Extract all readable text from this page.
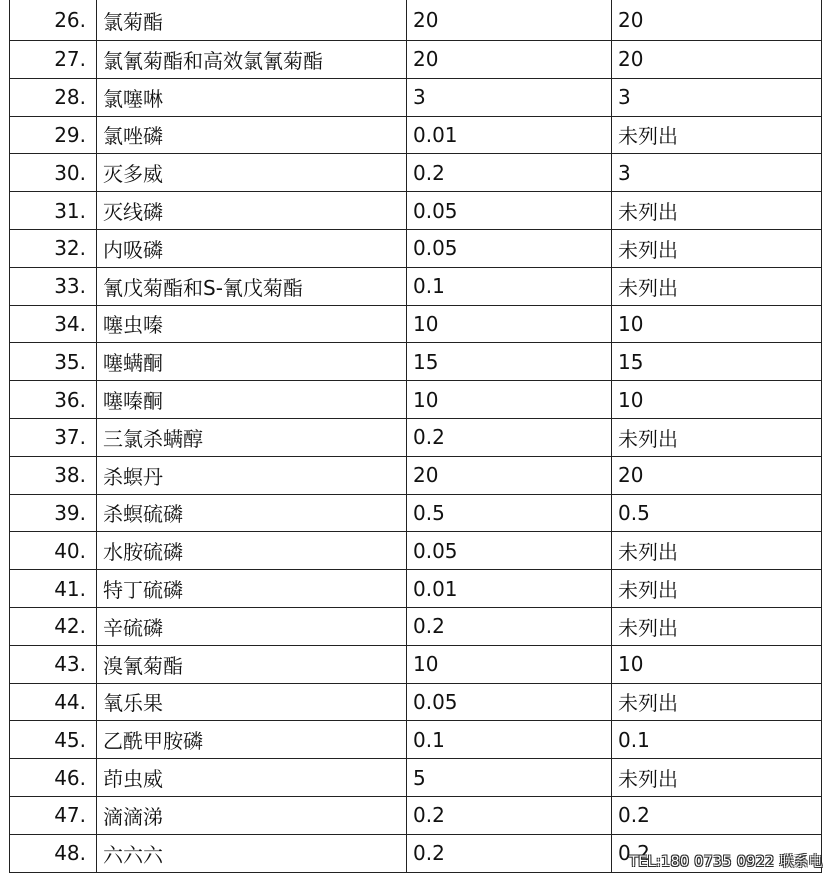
26.	氯菊酯	20	20
27.	氯氰菊酯和高效氯氰菊酯	20	20
28.	氯噻啉	3	3
29.	氯唑磷	0.01	未列出
30.	灭多威	0.2	3
31.	灭线磷	0.05	未列出
32.	内吸磷	0.05	未列出
33.	氰戊菊酯和S-氰戊菊酯	0.1	未列出
34.	噻虫嗪	10	10
35.	噻螨酮	15	15
36.	噻嗪酮	10	10
37.	三氯杀螨醇	0.2	未列出
38.	杀螟丹	20	20
39.	杀螟硫磷	0.5	0.5
40.	水胺硫磷	0.05	未列出
41.	特丁硫磷	0.01	未列出
42.	辛硫磷	0.2	未列出
43.	溴氰菊酯	10	10
44.	氧乐果	0.05	未列出
45.	乙酰甲胺磷	0.1	0.1
46.	茚虫威	5	未列出
47.	滴滴涕	0.2	0.2
48.	六六六	0.2	0.2
TEL:180 0735 0922 联系电
